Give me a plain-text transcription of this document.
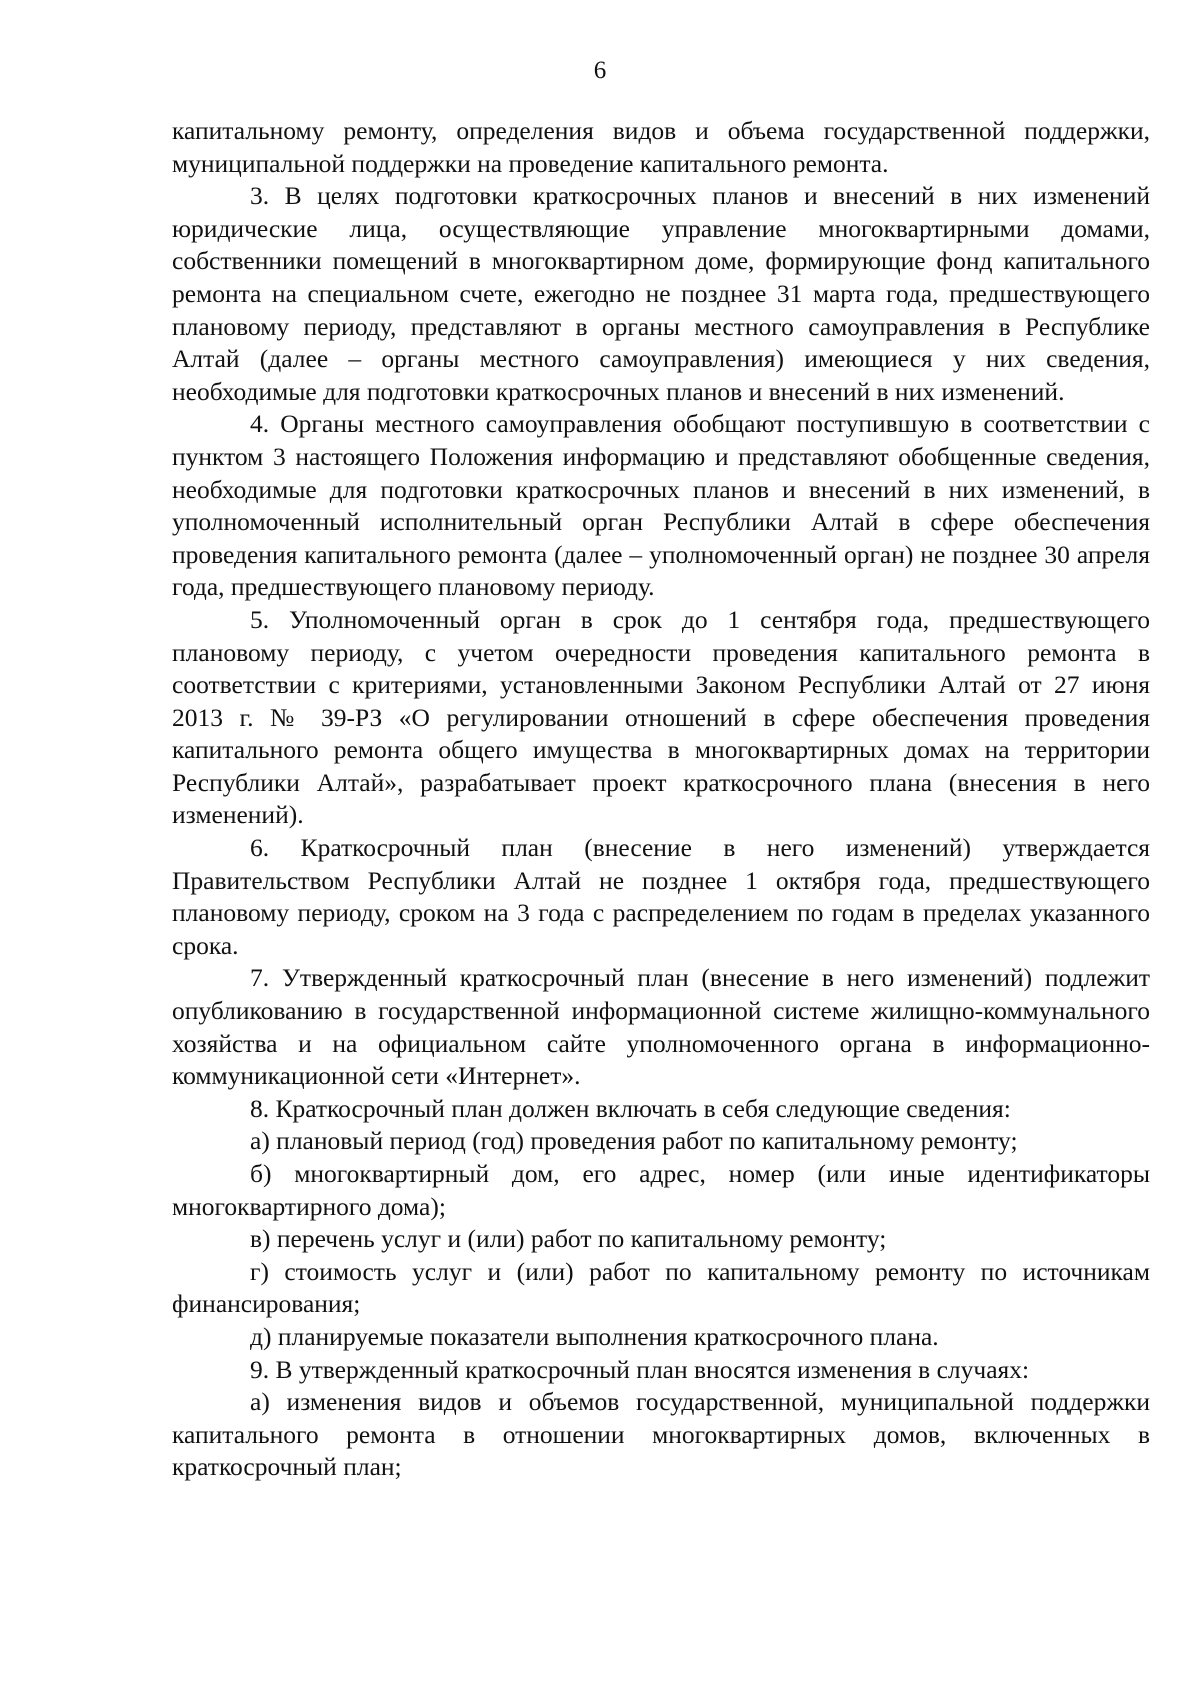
6

капитальному ремонту, определения видов и объема государственной поддержки, муниципальной поддержки на проведение капитального ремонта.

3. В целях подготовки краткосрочных планов и внесений в них изменений юридические лица, осуществляющие управление многоквартирными домами, собственники помещений в многоквартирном доме, формирующие фонд капитального ремонта на специальном счете, ежегодно не позднее 31 марта года, предшествующего плановому периоду, представляют в органы местного самоуправления в Республике Алтай (далее – органы местного самоуправления) имеющиеся у них сведения, необходимые для подготовки краткосрочных планов и внесений в них изменений.

4. Органы местного самоуправления обобщают поступившую в соответствии с пунктом 3 настоящего Положения информацию и представляют обобщенные сведения, необходимые для подготовки краткосрочных планов и внесений в них изменений, в уполномоченный исполнительный орган Республики Алтай в сфере обеспечения проведения капитального ремонта (далее – уполномоченный орган) не позднее 30 апреля года, предшествующего плановому периоду.

5. Уполномоченный орган в срок до 1 сентября года, предшествующего плановому периоду, с учетом очередности проведения капитального ремонта в соответствии с критериями, установленными Законом Республики Алтай от 27 июня 2013 г. № 39-РЗ «О регулировании отношений в сфере обеспечения проведения капитального ремонта общего имущества в многоквартирных домах на территории Республики Алтай», разрабатывает проект краткосрочного плана (внесения в него изменений).

6. Краткосрочный план (внесение в него изменений) утверждается Правительством Республики Алтай не позднее 1 октября года, предшествующего плановому периоду, сроком на 3 года с распределением по годам в пределах указанного срока.

7. Утвержденный краткосрочный план (внесение в него изменений) подлежит опубликованию в государственной информационной системе жилищно-коммунального хозяйства и на официальном сайте уполномоченного органа в информационно-коммуникационной сети «Интернет».

8. Краткосрочный план должен включать в себя следующие сведения:

а) плановый период (год) проведения работ по капитальному ремонту;

б) многоквартирный дом, его адрес, номер (или иные идентификаторы многоквартирного дома);

в) перечень услуг и (или) работ по капитальному ремонту;

г) стоимость услуг и (или) работ по капитальному ремонту по источникам финансирования;

д) планируемые показатели выполнения краткосрочного плана.

9. В утвержденный краткосрочный план вносятся изменения в случаях:

а) изменения видов и объемов государственной, муниципальной поддержки капитального ремонта в отношении многоквартирных домов, включенных в краткосрочный план;
